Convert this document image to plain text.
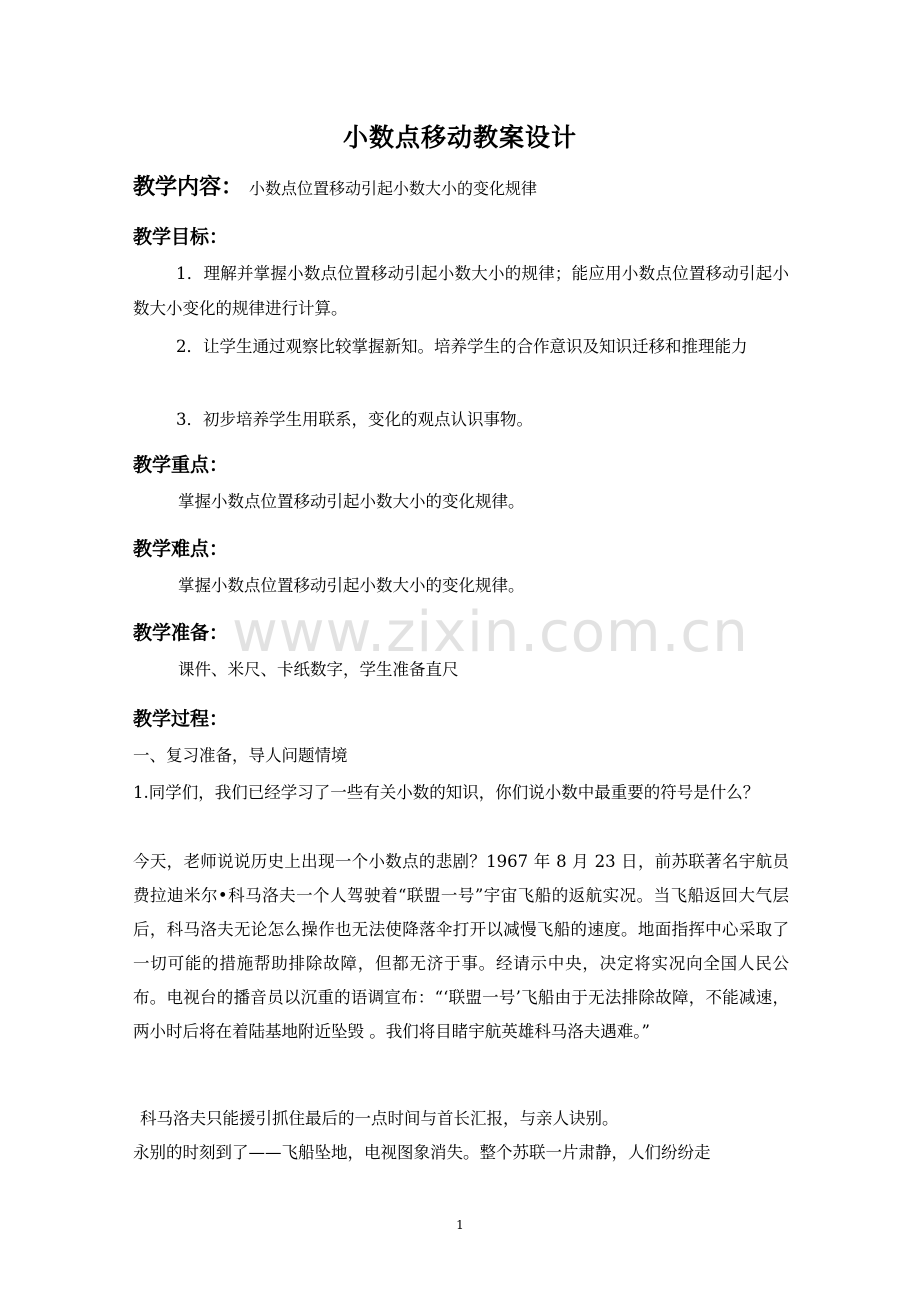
小数点移动教案设计
教学内容： 小数点位置移动引起小数大小的变化规律
教学目标：
1．理解并掌握小数点位置移动引起小数大小的规律；能应用小数点位置移动引起小数大小变化的规律进行计算。
2．让学生通过观察比较掌握新知。培养学生的合作意识及知识迁移和推理能力
3．初步培养学生用联系，变化的观点认识事物。
教学重点：
掌握小数点位置移动引起小数大小的变化规律。
教学难点：
掌握小数点位置移动引起小数大小的变化规律。
教学准备：
课件、米尺、卡纸数字，学生准备直尺
教学过程：
一、复习准备，导人问题情境
1.同学们，我们已经学习了一些有关小数的知识，你们说小数中最重要的符号是什么？
今天，老师说说历史上出现一个小数点的悲剧？1967 年 8 月 23 日，前苏联著名宇航员费拉迪米尔•科马洛夫一个人驾驶着“联盟一号”宇宙飞船的返航实况。当飞船返回大气层后，科马洛夫无论怎么操作也无法使降落伞打开以减慢飞船的速度。地面指挥中心采取了一切可能的措施帮助排除故障，但都无济于事。经请示中央，决定将实况向全国人民公布。电视台的播音员以沉重的语调宣布：“‘联盟一号’飞船由于无法排除故障，不能减速，两小时后将在着陆基地附近坠毁 。我们将目睹宇航英雄科马洛夫遇难。”
科马洛夫只能援引抓住最后的一点时间与首长汇报，与亲人诀别。
永别的时刻到了——飞船坠地，电视图象消失。整个苏联一片肃静，人们纷纷走
www.zixin.com.cn
1
